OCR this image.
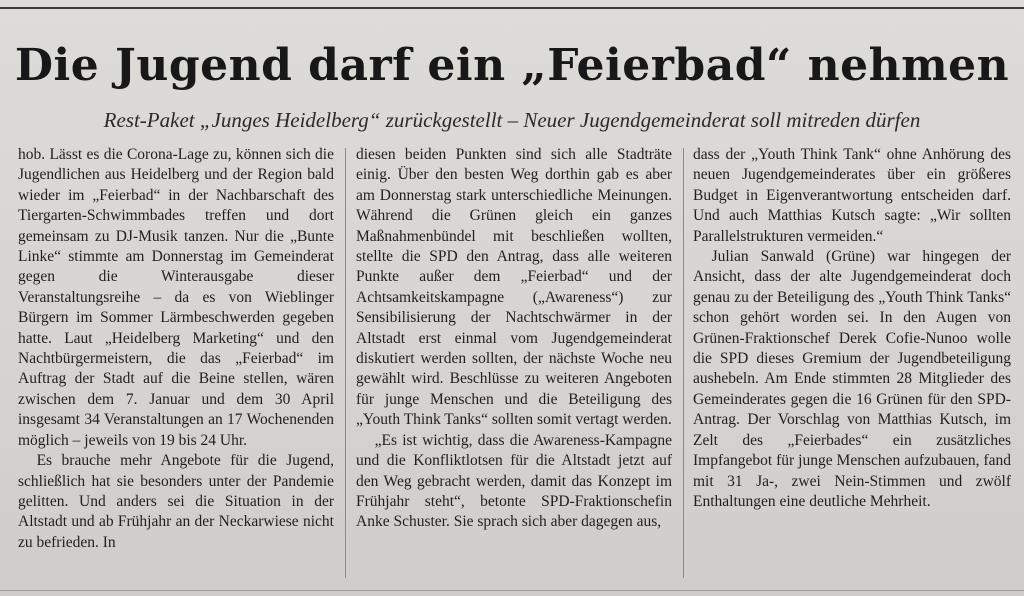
Die Jugend darf ein „Feierbad“ nehmen
Rest-Paket „Junges Heidelberg“ zurückgestellt – Neuer Jugendgemeinderat soll mitreden dürfen

hob. Lässt es die Corona-Lage zu, können sich die Jugendlichen aus Heidelberg und der Region bald wieder im „Feierbad“ in der Nachbarschaft des Tiergarten-Schwimmbades treffen und dort gemeinsam zu DJ-Musik tanzen. Nur die „Bunte Linke“ stimmte am Donnerstag im Gemeinderat gegen die Winterausgabe dieser Veranstaltungsreihe – da es von Wieblinger Bürgern im Sommer Lärmbeschwerden gegeben hatte. Laut „Heidelberg Marketing“ und den Nachtbürgermeistern, die das „Feierbad“ im Auftrag der Stadt auf die Beine stellen, wären zwischen dem 7. Januar und dem 30 April insgesamt 34 Veranstaltungen an 17 Wochenenden möglich – jeweils von 19 bis 24 Uhr.

Es brauche mehr Angebote für die Jugend, schließlich hat sie besonders unter der Pandemie gelitten. Und anders sei die Situation in der Altstadt und ab Frühjahr an der Neckarwiese nicht zu befrieden. In

diesen beiden Punkten sind sich alle Stadträte einig. Über den besten Weg dorthin gab es aber am Donnerstag stark unterschiedliche Meinungen. Während die Grünen gleich ein ganzes Maßnahmenbündel mit beschließen wollten, stellte die SPD den Antrag, dass alle weiteren Punkte außer dem „Feierbad“ und der Achtsamkeitskampagne („Awareness“) zur Sensibilisierung der Nachtschwärmer in der Altstadt erst einmal vom Jugendgemeinderat diskutiert werden sollten, der nächste Woche neu gewählt wird. Beschlüsse zu weiteren Angeboten für junge Menschen und die Beteiligung des „Youth Think Tanks“ sollten somit vertagt werden.

„Es ist wichtig, dass die Awareness-Kampagne und die Konfliktlotsen für die Altstadt jetzt auf den Weg gebracht werden, damit das Konzept im Frühjahr steht“, betonte SPD-Fraktionschefin Anke Schuster. Sie sprach sich aber dagegen aus,

dass der „Youth Think Tank“ ohne Anhörung des neuen Jugendgemeinderates über ein größeres Budget in Eigenverantwortung entscheiden darf. Und auch Matthias Kutsch sagte: „Wir sollten Parallelstrukturen vermeiden.“

Julian Sanwald (Grüne) war hingegen der Ansicht, dass der alte Jugendgemeinderat doch genau zu der Beteiligung des „Youth Think Tanks“ schon gehört worden sei. In den Augen von Grünen-Fraktionschef Derek Cofie-Nunoo wolle die SPD dieses Gremium der Jugendbeteiligung aushebeln. Am Ende stimmten 28 Mitglieder des Gemeinderates gegen die 16 Grünen für den SPD-Antrag. Der Vorschlag von Matthias Kutsch, im Zelt des „Feierbades“ ein zusätzliches Impfangebot für junge Menschen aufzubauen, fand mit 31 Ja-, zwei Nein-Stimmen und zwölf Enthaltungen eine deutliche Mehrheit.
